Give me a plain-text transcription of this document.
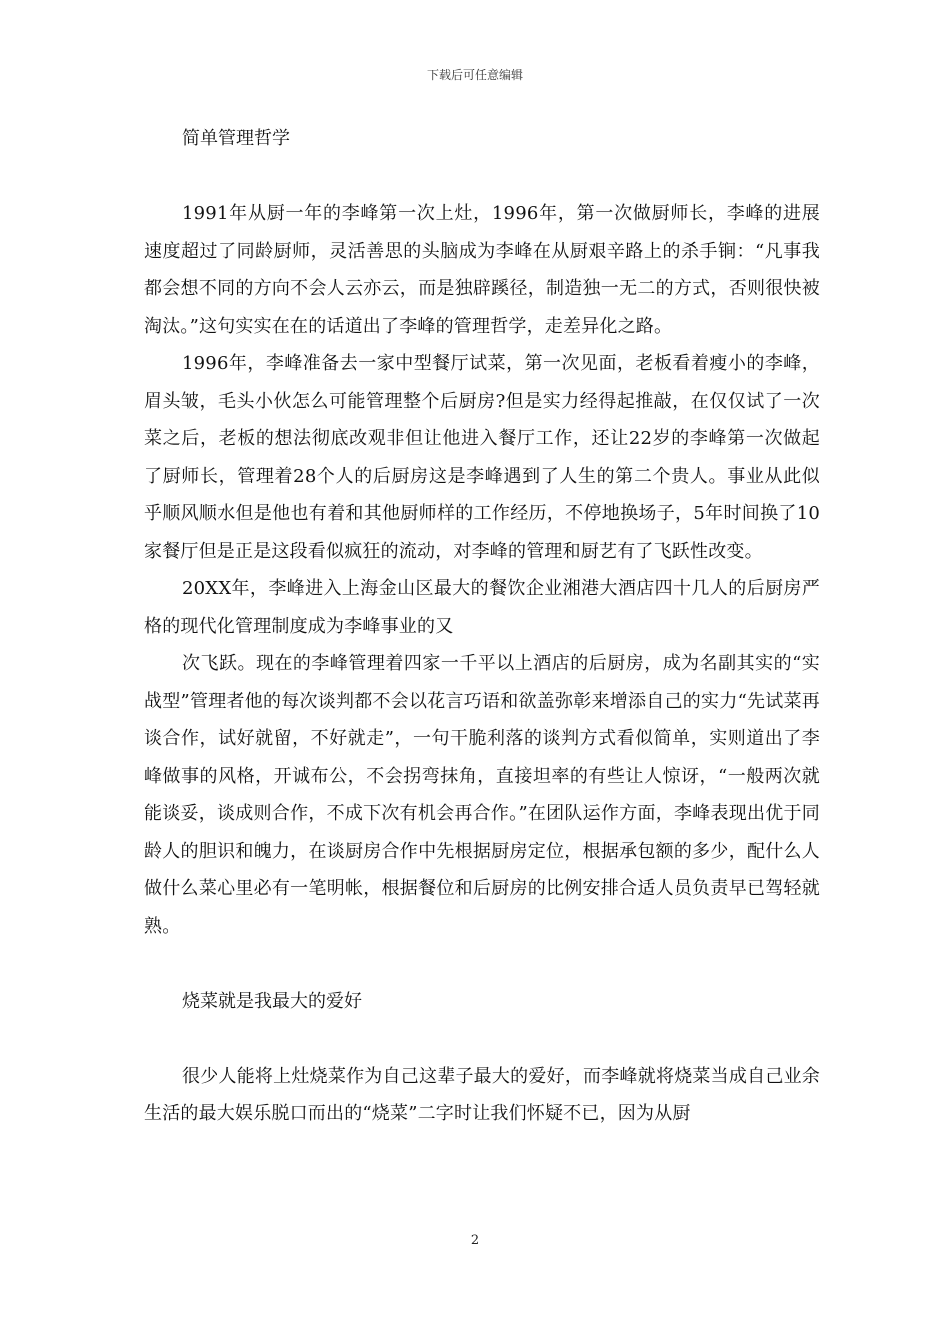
下载后可任意编辑
简单管理哲学

1991年从厨一年的李峰第一次上灶，1996年，第一次做厨师长，李峰的进展速度超过了同龄厨师，灵活善思的头脑成为李峰在从厨艰辛路上的杀手锏：“凡事我都会想不同的方向不会人云亦云，而是独辟蹊径，制造独一无二的方式，否则很快被淘汰。”这句实实在在的话道出了李峰的管理哲学，走差异化之路。

1996年，李峰准备去一家中型餐厅试菜，第一次见面，老板看着瘦小的李峰，眉头皱，毛头小伙怎么可能管理整个后厨房?但是实力经得起推敲，在仅仅试了一次菜之后，老板的想法彻底改观非但让他进入餐厅工作，还让22岁的李峰第一次做起了厨师长，管理着28个人的后厨房这是李峰遇到了人生的第二个贵人。事业从此似乎顺风顺水但是他也有着和其他厨师样的工作经历，不停地换场子，5年时间换了10家餐厅但是正是这段看似疯狂的流动，对李峰的管理和厨艺有了飞跃性改变。

20XX年，李峰进入上海金山区最大的餐饮企业湘港大酒店四十几人的后厨房严格的现代化管理制度成为李峰事业的又

次飞跃。现在的李峰管理着四家一千平以上酒店的后厨房，成为名副其实的“实战型”管理者他的每次谈判都不会以花言巧语和欲盖弥彰来增添自己的实力“先试菜再谈合作，试好就留，不好就走”，一句干脆利落的谈判方式看似简单，实则道出了李峰做事的风格，开诚布公，不会拐弯抹角，直接坦率的有些让人惊讶，“一般两次就能谈妥，谈成则合作，不成下次有机会再合作。”在团队运作方面，李峰表现出优于同龄人的胆识和魄力，在谈厨房合作中先根据厨房定位，根据承包额的多少，配什么人做什么菜心里必有一笔明帐，根据餐位和后厨房的比例安排合适人员负责早已驾轻就熟。

烧菜就是我最大的爱好

很少人能将上灶烧菜作为自己这辈子最大的爱好，而李峰就将烧菜当成自己业余生活的最大娱乐脱口而出的“烧菜”二字时让我们怀疑不已，因为从厨

2
